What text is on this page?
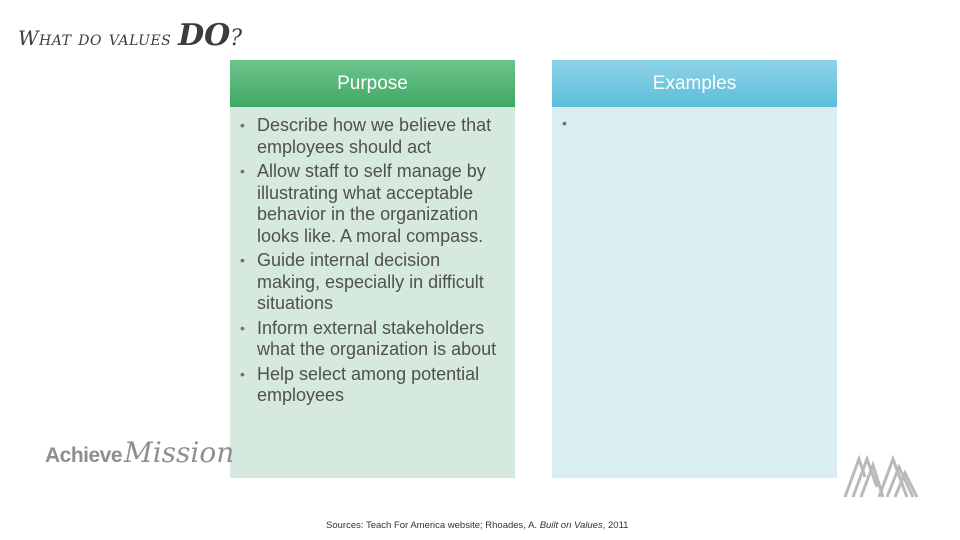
What do values DO?
Purpose
• Describe how we believe that employees should act
• Allow staff to self manage by illustrating what acceptable behavior in the organization looks like. A moral compass.
• Guide internal decision making, especially in difficult situations
• Inform external stakeholders what the organization is about
• Help select among potential employees
Examples
•
Achieve Mission
Sources: Teach For America website; Rhoades, A. Built on Values, 2011
